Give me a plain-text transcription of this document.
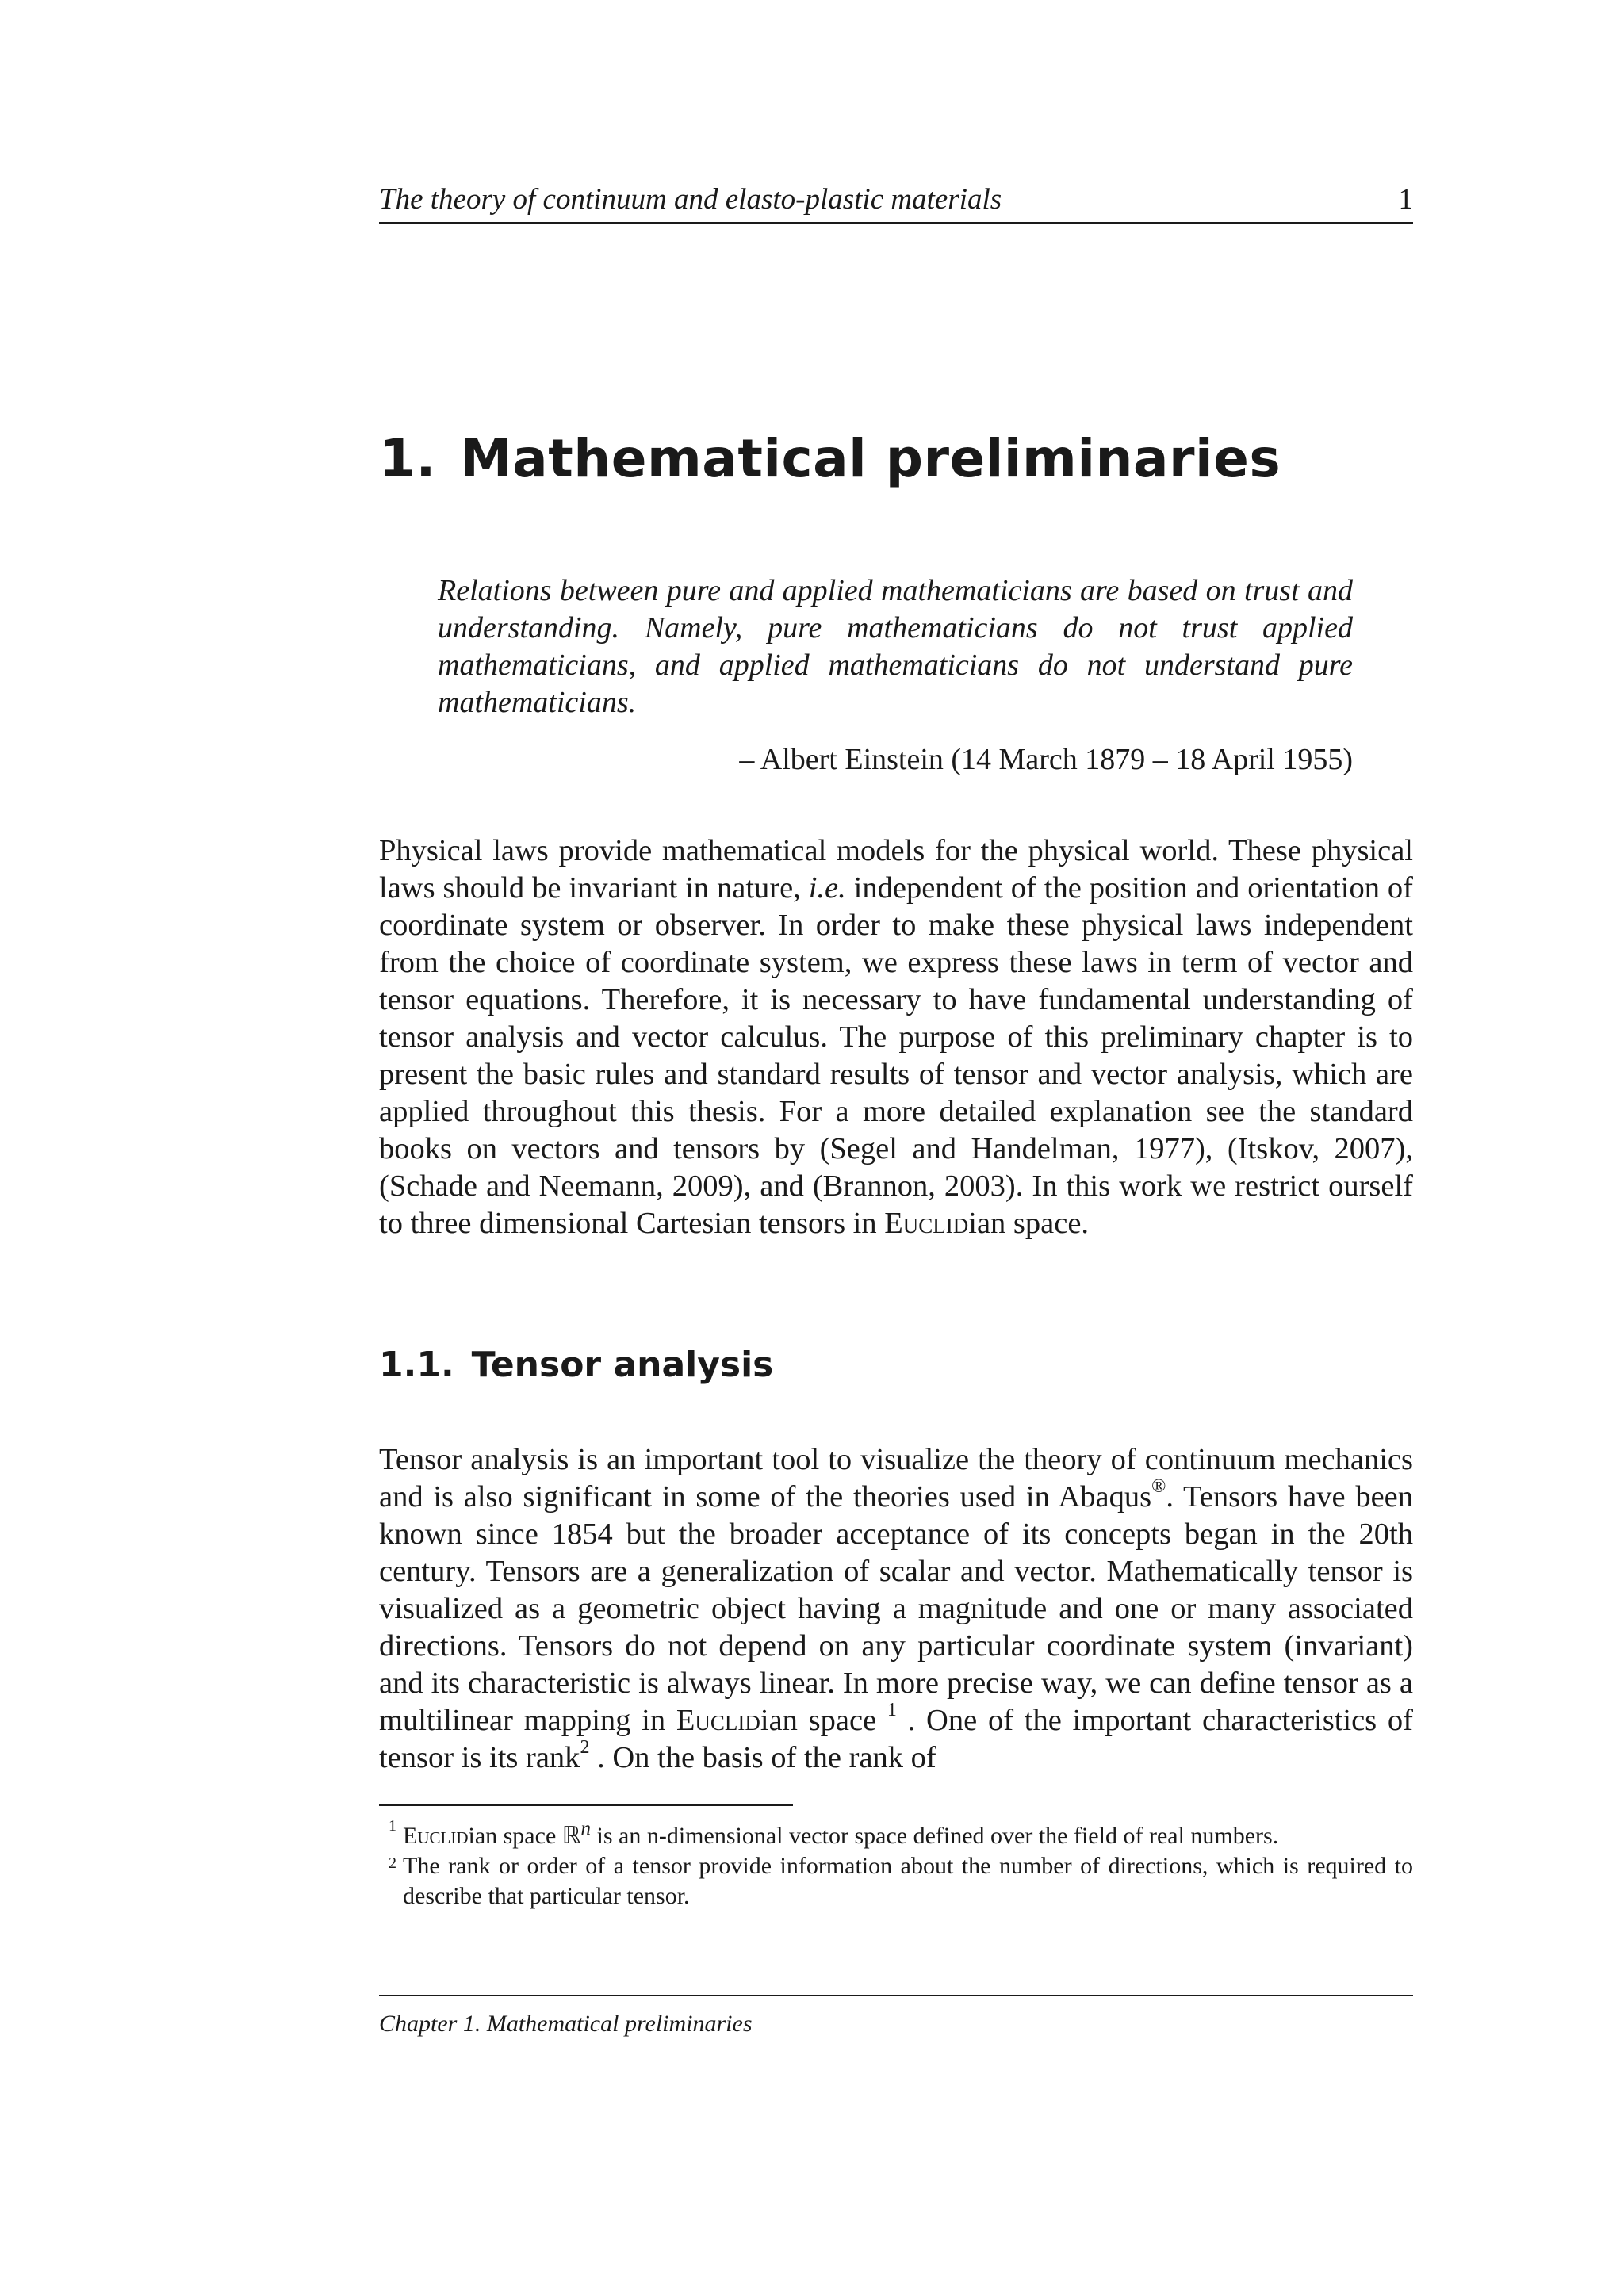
The theory of continuum and elasto-plastic materials	1
1. Mathematical preliminaries

Relations between pure and applied mathematicians are based on trust and understanding. Namely, pure mathematicians do not trust applied mathematicians, and applied mathematicians do not understand pure mathematicians.

– Albert Einstein (14 March 1879 – 18 April 1955)

Physical laws provide mathematical models for the physical world. These physical laws should be invariant in nature, i.e. independent of the position and orientation of coordinate system or observer. In order to make these physical laws independent from the choice of coordinate system, we express these laws in term of vector and tensor equations. Therefore, it is necessary to have fundamental understanding of tensor analysis and vector calculus. The purpose of this preliminary chapter is to present the basic rules and standard results of tensor and vector analysis, which are applied throughout this thesis. For a more detailed explanation see the standard books on vectors and tensors by (Segel and Handelman, 1977), (Itskov, 2007), (Schade and Neemann, 2009), and (Brannon, 2003). In this work we restrict ourself to three dimensional Cartesian tensors in Euclidian space.

1.1. Tensor analysis

Tensor analysis is an important tool to visualize the theory of continuum mechanics and is also significant in some of the theories used in Abaqus®. Tensors have been known since 1854 but the broader acceptance of its concepts began in the 20th century. Tensors are a generalization of scalar and vector. Mathematically tensor is visualized as a geometric object having a magnitude and one or many associated directions. Tensors do not depend on any particular coordinate system (invariant) and its characteristic is always linear. In more precise way, we can define tensor as a multilinear mapping in Euclidian space $^1$ . One of the important characteristics of tensor is its rank$^2$ . On the basis of the rank of

1 Euclidian space ℝ$^n$ is an n-dimensional vector space defined over the field of real numbers.

2 The rank or order of a tensor provide information about the number of directions, which is required to describe that particular tensor.

Chapter 1. Mathematical preliminaries
